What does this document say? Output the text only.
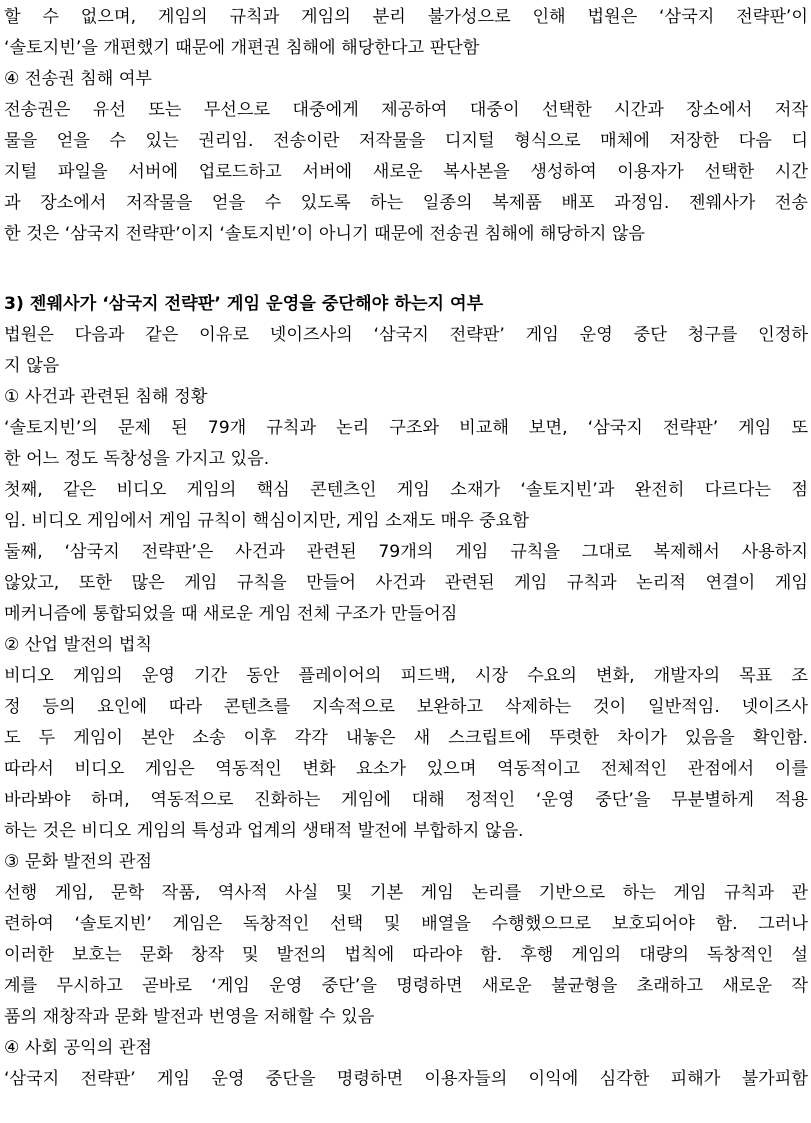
할 수 없으며, 게임의 규칙과 게임의 분리 불가성으로 인해 법원은 ‘삼국지 전략판’이
‘솔토지빈’을 개편했기 때문에 개편권 침해에 해당한다고 판단함
④ 전송권 침해 여부
전송권은 유선 또는 무선으로 대중에게 제공하여 대중이 선택한 시간과 장소에서 저작
물을 얻을 수 있는 권리임. 전송이란 저작물을 디지털 형식으로 매체에 저장한 다음 디
지털 파일을 서버에 업로드하고 서버에 새로운 복사본을 생성하여 이용자가 선택한 시간
과 장소에서 저작물을 얻을 수 있도록 하는 일종의 복제품 배포 과정임. 젠웨사가 전송
한 것은 ‘삼국지 전략판’이지 ‘솔토지빈’이 아니기 때문에 전송권 침해에 해당하지 않음
3) 젠웨사가 ‘삼국지 전략판’ 게임 운영을 중단해야 하는지 여부
법원은 다음과 같은 이유로 넷이즈사의 ‘삼국지 전략판’ 게임 운영 중단 청구를 인정하
지 않음
① 사건과 관련된 침해 정황
‘솔토지빈’의 문제 된 79개 규칙과 논리 구조와 비교해 보면, ‘삼국지 전략판’ 게임 또
한 어느 정도 독창성을 가지고 있음.
첫째, 같은 비디오 게임의 핵심 콘텐츠인 게임 소재가 ‘솔토지빈’과 완전히 다르다는 점
임. 비디오 게임에서 게임 규칙이 핵심이지만, 게임 소재도 매우 중요함
둘째, ‘삼국지 전략판’은 사건과 관련된 79개의 게임 규칙을 그대로 복제해서 사용하지
않았고, 또한 많은 게임 규칙을 만들어 사건과 관련된 게임 규칙과 논리적 연결이 게임
메커니즘에 통합되었을 때 새로운 게임 전체 구조가 만들어짐
② 산업 발전의 법칙
비디오 게임의 운영 기간 동안 플레이어의 피드백, 시장 수요의 변화, 개발자의 목표 조
정 등의 요인에 따라 콘텐츠를 지속적으로 보완하고 삭제하는 것이 일반적임. 넷이즈사
도 두 게임이 본안 소송 이후 각각 내놓은 새 스크립트에 뚜렷한 차이가 있음을 확인함.
따라서 비디오 게임은 역동적인 변화 요소가 있으며 역동적이고 전체적인 관점에서 이를
바라봐야 하며, 역동적으로 진화하는 게임에 대해 정적인 ‘운영 중단’을 무분별하게 적용
하는 것은 비디오 게임의 특성과 업계의 생태적 발전에 부합하지 않음.
③ 문화 발전의 관점
선행 게임, 문학 작품, 역사적 사실 및 기본 게임 논리를 기반으로 하는 게임 규칙과 관
련하여 ‘솔토지빈’ 게임은 독창적인 선택 및 배열을 수행했으므로 보호되어야 함. 그러나
이러한 보호는 문화 창작 및 발전의 법칙에 따라야 함. 후행 게임의 대량의 독창적인 설
계를 무시하고 곧바로 ‘게임 운영 중단’을 명령하면 새로운 불균형을 초래하고 새로운 작
품의 재창작과 문화 발전과 번영을 저해할 수 있음
④ 사회 공익의 관점
‘삼국지 전략판’ 게임 운영 중단을 명령하면 이용자들의 이익에 심각한 피해가 불가피함
